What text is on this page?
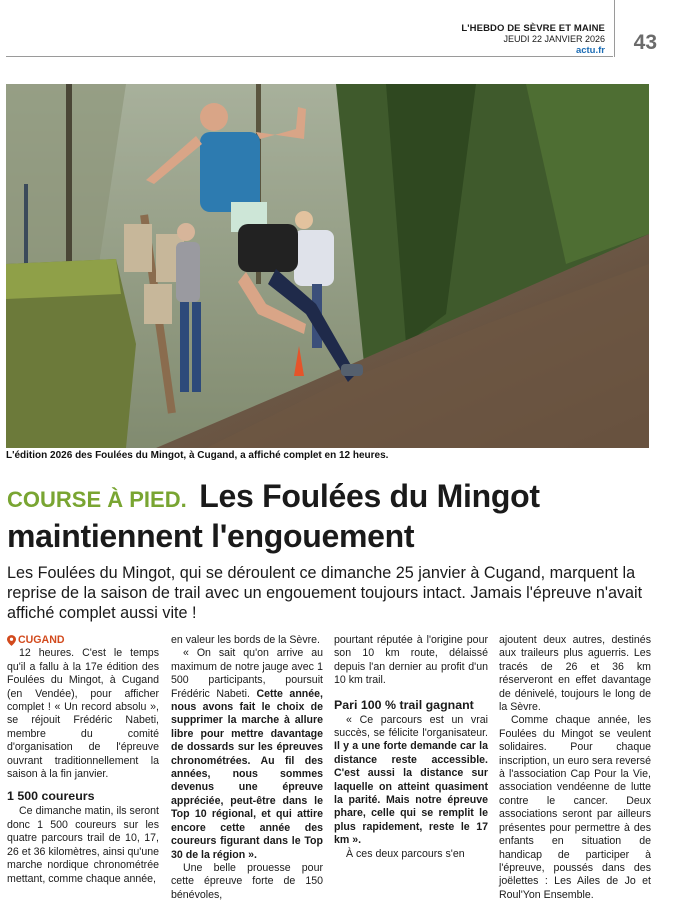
L'HEBDO DE SÈVRE ET MAINE
JEUDI 22 JANVIER 2026
actu.fr 43
L'édition 2026 des Foulées du Mingot, à Cugand, a affiché complet en 12 heures.
COURSE À PIED. Les Foulées du Mingot maintiennent l'engouement

Les Foulées du Mingot, qui se déroulent ce dimanche 25 janvier à Cugand, marquent la reprise de la saison de trail avec un engouement toujours intact. Jamais l'épreuve n'avait affiché complet aussi vite !

CUGAND

12 heures. C'est le temps qu'il a fallu à la 17e édition des Foulées du Mingot, à Cugand (en Vendée), pour afficher complet ! « Un record absolu », se réjouit Frédéric Nabeti, membre du comité d'organisation de l'épreuve ouvrant traditionnellement la saison à la fin janvier.

1 500 coureurs

Ce dimanche matin, ils seront donc 1 500 coureurs sur les quatre parcours trail de 10, 17, 26 et 36 kilomètres, ainsi qu'une marche nordique chronométrée mettant, comme chaque année,

en valeur les bords de la Sèvre.

« On sait qu'on arrive au maximum de notre jauge avec 1 500 participants, poursuit Frédéric Nabeti. Cette année, nous avons fait le choix de supprimer la marche à allure libre pour mettre davantage de dossards sur les épreuves chronométrées. Au fil des années, nous sommes devenus une épreuve appréciée, peut-être dans le Top 10 régional, et qui attire encore cette année des coureurs figurant dans le Top 30 de la région ».

Une belle prouesse pour cette épreuve forte de 150 bénévoles,

pourtant réputée à l'origine pour son 10 km route, délaissé depuis l'an dernier au profit d'un 10 km trail.

Pari 100 % trail gagnant

« Ce parcours est un vrai succès, se félicite l'organisateur. Il y a une forte demande car la distance reste accessible. C'est aussi la distance sur laquelle on atteint quasiment la parité. Mais notre épreuve phare, celle qui se remplit le plus rapidement, reste le 17 km ».

À ces deux parcours s'en

ajoutent deux autres, destinés aux traileurs plus aguerris. Les tracés de 26 et 36 km réserveront en effet davantage de dénivelé, toujours le long de la Sèvre.

Comme chaque année, les Foulées du Mingot se veulent solidaires. Pour chaque inscription, un euro sera reversé à l'association Cap Pour la Vie, association vendéenne de lutte contre le cancer. Deux associations seront par ailleurs présentes pour permettre à des enfants en situation de handicap de participer à l'épreuve, poussés dans des joëlettes : Les Ailes de Jo et Roul'Yon Ensemble.
